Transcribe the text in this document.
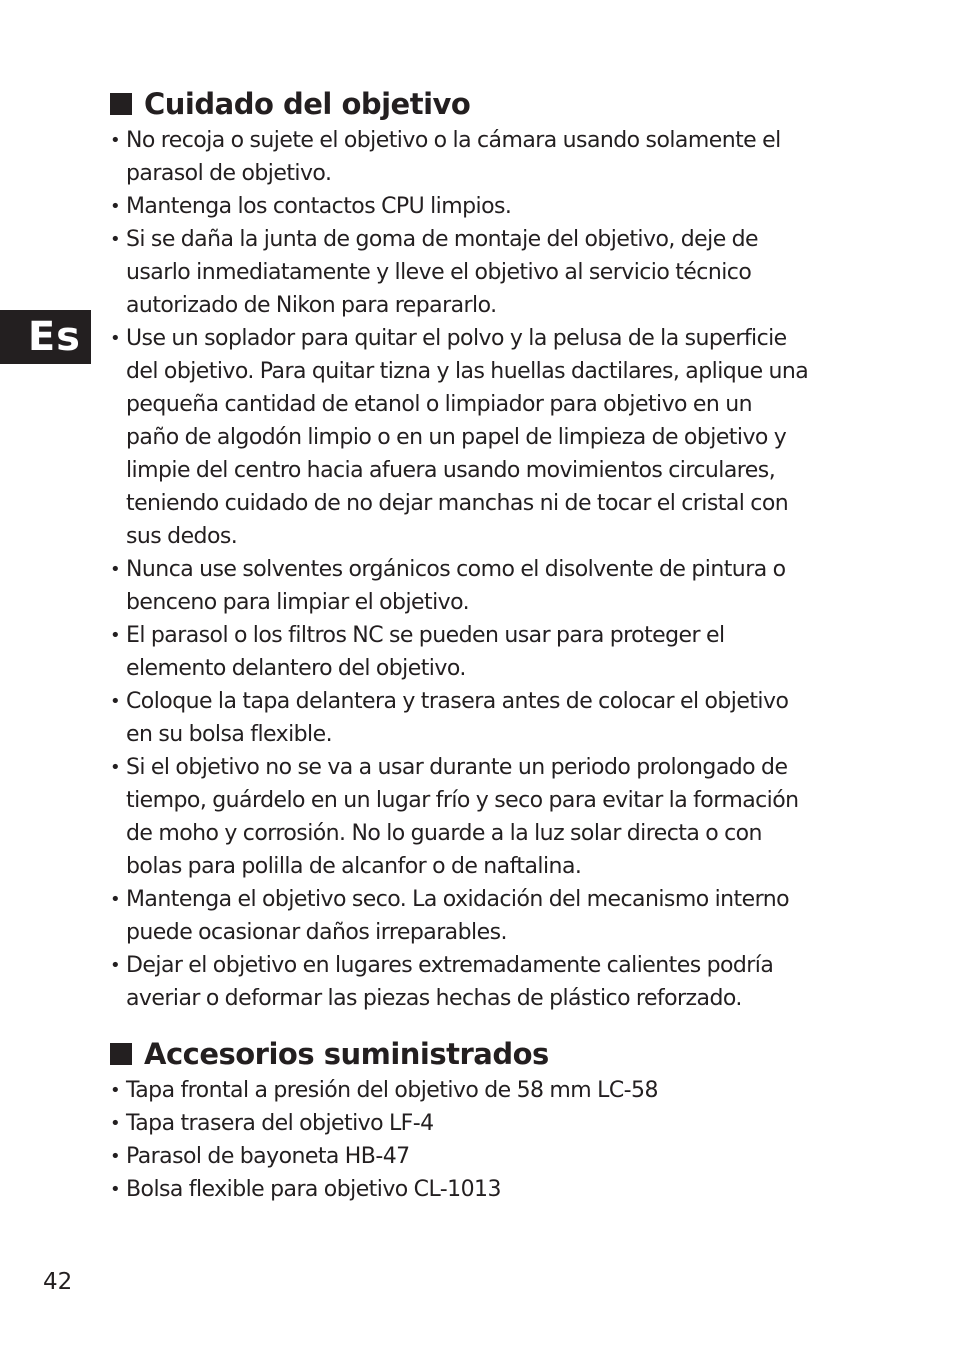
Es
Cuidado del objetivo
• No recoja o sujete el objetivo o la cámara usando solamente el
parasol de objetivo.
• Mantenga los contactos CPU limpios.
• Si se daña la junta de goma de montaje del objetivo, deje de
usarlo inmediatamente y lleve el objetivo al servicio técnico
autorizado de Nikon para repararlo.
• Use un soplador para quitar el polvo y la pelusa de la superficie
del objetivo. Para quitar tizna y las huellas dactilares, aplique una
pequeña cantidad de etanol o limpiador para objetivo en un
paño de algodón limpio o en un papel de limpieza de objetivo y
limpie del centro hacia afuera usando movimientos circulares,
teniendo cuidado de no dejar manchas ni de tocar el cristal con
sus dedos.
• Nunca use solventes orgánicos como el disolvente de pintura o
benceno para limpiar el objetivo.
• El parasol o los filtros NC se pueden usar para proteger el
elemento delantero del objetivo.
• Coloque la tapa delantera y trasera antes de colocar el objetivo
en su bolsa flexible.
• Si el objetivo no se va a usar durante un periodo prolongado de
tiempo, guárdelo en un lugar frío y seco para evitar la formación
de moho y corrosión. No lo guarde a la luz solar directa o con
bolas para polilla de alcanfor o de naftalina.
• Mantenga el objetivo seco. La oxidación del mecanismo interno
puede ocasionar daños irreparables.
• Dejar el objetivo en lugares extremadamente calientes podría
averiar o deformar las piezas hechas de plástico reforzado.
Accesorios suministrados
• Tapa frontal a presión del objetivo de 58 mm LC-58
• Tapa trasera del objetivo LF-4
• Parasol de bayoneta HB-47
• Bolsa flexible para objetivo CL-1013
42
